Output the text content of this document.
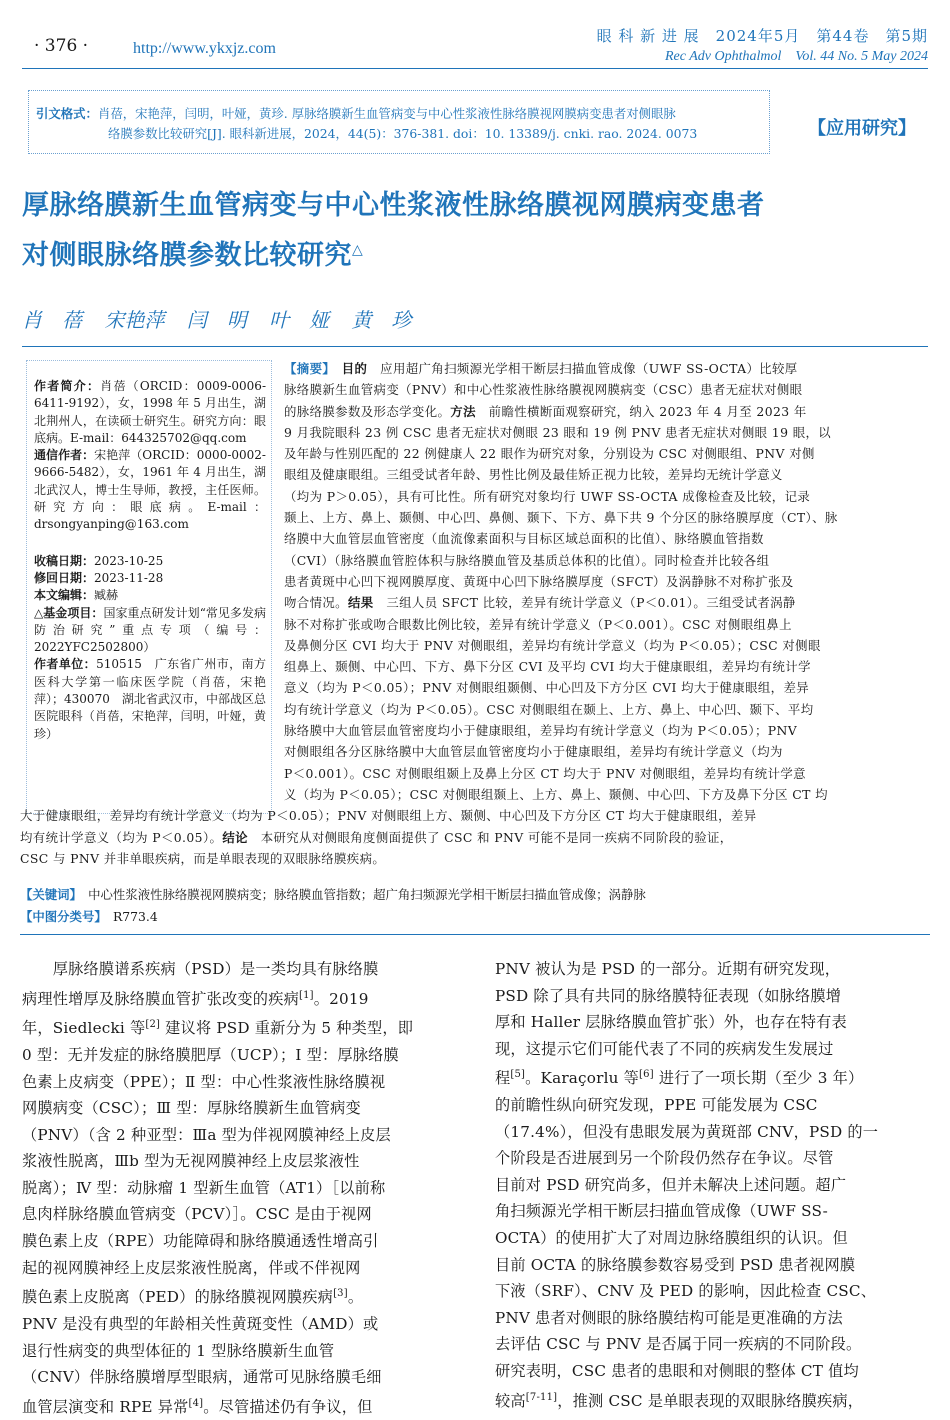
· 376 ·	http://www.ykxjz.com
眼 科 新 进 展　2024年5月　第44卷　第5期
Rec Adv Ophthalmol　Vol. 44 No. 5 May 2024
引文格式：肖蓓，宋艳萍，闫明，叶娅，黄珍. 厚脉络膜新生血管病变与中心性浆液性脉络膜视网膜病变患者对侧眼脉
络膜参数比较研究[J]. 眼科新进展，2024，44(5)：376-381. doi：10. 13389/j. cnki. rao. 2024. 0073	【应用研究】
厚脉络膜新生血管病变与中心性浆液性脉络膜视网膜病变患者
对侧眼脉络膜参数比较研究△
肖　蓓 宋艳萍 闫　明 叶　娅 黄　珍
作者简介：肖蓓（ORCID：0009-0006-6411-9192），女，1998 年 5 月出生，湖北荆州人，在读硕士研究生。研究方向：眼底病。E-mail：644325702@qq.com
通信作者：宋艳萍（ORCID：0000-0002-9666-5482），女，1961 年 4 月出生，湖北武汉人，博士生导师，教授，主任医师。研究方向：眼底病。E-mail：drsongyanping@163.com
收稿日期：2023-10-25
修回日期：2023-11-28
本文编辑：臧赫
△基金项目：国家重点研发计划“常见多发病防治研究”重点专项（编号：2022YFC2502800）
作者单位：510515　广东省广州市，南方医科大学第一临床医学院（肖蓓，宋艳萍）；430070　湖北省武汉市，中部战区总医院眼科（肖蓓，宋艳萍，闫明，叶娅，黄珍）
【摘要】　 目的　应用超广角扫频源光学相干断层扫描血管成像（UWF SS-OCTA）比较厚
脉络膜新生血管病变（PNV）和中心性浆液性脉络膜视网膜病变（CSC）患者无症状对侧眼
的脉络膜参数及形态学变化。方法　前瞻性横断面观察研究，纳入 2023 年 4 月至 2023 年
9 月我院眼科 23 例 CSC 患者无症状对侧眼 23 眼和 19 例 PNV 患者无症状对侧眼 19 眼，以
及年龄与性别匹配的 22 例健康人 22 眼作为研究对象，分别设为 CSC 对侧眼组、PNV 对侧
眼组及健康眼组。三组受试者年龄、男性比例及最佳矫正视力比较，差异均无统计学意义
（均为 P＞0.05），具有可比性。所有研究对象均行 UWF SS-OCTA 成像检查及比较，记录
颞上、上方、鼻上、颞侧、中心凹、鼻侧、颞下、下方、鼻下共 9 个分区的脉络膜厚度（CT）、脉
络膜中大血管层血管密度（血流像素面积与目标区域总面积的比值）、脉络膜血管指数
（CVI）（脉络膜血管腔体积与脉络膜血管及基质总体积的比值）。同时检查并比较各组
患者黄斑中心凹下视网膜厚度、黄斑中心凹下脉络膜厚度（SFCT）及涡静脉不对称扩张及
吻合情况。结果　三组人员 SFCT 比较，差异有统计学意义（P＜0.01）。三组受试者涡静
脉不对称扩张或吻合眼数比例比较，差异有统计学意义（P＜0.001）。CSC 对侧眼组鼻上
及鼻侧分区 CVI 均大于 PNV 对侧眼组，差异均有统计学意义（均为 P＜0.05）；CSC 对侧眼
组鼻上、颞侧、中心凹、下方、鼻下分区 CVI 及平均 CVI 均大于健康眼组，差异均有统计学
意义（均为 P＜0.05）；PNV 对侧眼组颞侧、中心凹及下方分区 CVI 均大于健康眼组，差异
均有统计学意义（均为 P＜0.05）。CSC 对侧眼组在颞上、上方、鼻上、中心凹、颞下、平均
脉络膜中大血管层血管密度均小于健康眼组，差异均有统计学意义（均为 P＜0.05）；PNV
对侧眼组各分区脉络膜中大血管层血管密度均小于健康眼组，差异均有统计学意义（均为
P＜0.001）。CSC 对侧眼组颞上及鼻上分区 CT 均大于 PNV 对侧眼组，差异均有统计学意
义（均为 P＜0.05）；CSC 对侧眼组颞上、上方、鼻上、颞侧、中心凹、下方及鼻下分区 CT 均
大于健康眼组，差异均有统计学意义（均为 P＜0.05）；PNV 对侧眼组上方、颞侧、中心凹及下方分区 CT 均大于健康眼组，差异
均有统计学意义（均为 P＜0.05）。结论　本研究从对侧眼角度侧面提供了 CSC 和 PNV 可能不是同一疾病不同阶段的验证，
CSC 与 PNV 并非单眼疾病，而是单眼表现的双眼脉络膜疾病。
【关键词】　 中心性浆液性脉络膜视网膜病变；脉络膜血管指数；超广角扫频源光学相干断层扫描血管成像；涡静脉
【中图分类号】　 R773.4
　　厚脉络膜谱系疾病（PSD）是一类均具有脉络膜
病理性增厚及脉络膜血管扩张改变的疾病[1]。2019
年，Siedlecki 等[2] 建议将 PSD 重新分为 5 种类型，即
0 型：无并发症的脉络膜肥厚（UCP）；Ⅰ 型：厚脉络膜
色素上皮病变（PPE）；Ⅱ 型：中心性浆液性脉络膜视
网膜病变（CSC）；Ⅲ 型：厚脉络膜新生血管病变
（PNV）（含 2 种亚型：Ⅲa 型为伴视网膜神经上皮层
浆液性脱离，Ⅲb 型为无视网膜神经上皮层浆液性
脱离）；Ⅳ 型：动脉瘤 1 型新生血管（AT1）［以前称
息肉样脉络膜血管病变（PCV）］。CSC 是由于视网
膜色素上皮（RPE）功能障碍和脉络膜通透性增高引
起的视网膜神经上皮层浆液性脱离，伴或不伴视网
膜色素上皮脱离（PED）的脉络膜视网膜疾病[3]。
PNV 是没有典型的年龄相关性黄斑变性（AMD）或
退行性病变的典型体征的 1 型脉络膜新生血管
（CNV）伴脉络膜增厚型眼病，通常可见脉络膜毛细
血管层演变和 RPE 异常[4]。尽管描述仍有争议，但
PNV 被认为是 PSD 的一部分。近期有研究发现，
PSD 除了具有共同的脉络膜特征表现（如脉络膜增
厚和 Haller 层脉络膜血管扩张）外，也存在特有表
现，这提示它们可能代表了不同的疾病发生发展过
程[5]。Karaçorlu 等[6] 进行了一项长期（至少 3 年）
的前瞻性纵向研究发现，PPE 可能发展为 CSC
（17.4%），但没有患眼发展为黄斑部 CNV，PSD 的一
个阶段是否进展到另一个阶段仍然存在争议。尽管
目前对 PSD 研究尚多，但并未解决上述问题。超广
角扫频源光学相干断层扫描血管成像（UWF SS-
OCTA）的使用扩大了对周边脉络膜组织的认识。但
目前 OCTA 的脉络膜参数容易受到 PSD 患者视网膜
下液（SRF）、CNV 及 PED 的影响，因此检查 CSC、
PNV 患者对侧眼的脉络膜结构可能是更准确的方法
去评估 CSC 与 PNV 是否属于同一疾病的不同阶段。
研究表明，CSC 患者的患眼和对侧眼的整体 CT 值均
较高[7-11]，推测 CSC 是单眼表现的双眼脉络膜疾病，
